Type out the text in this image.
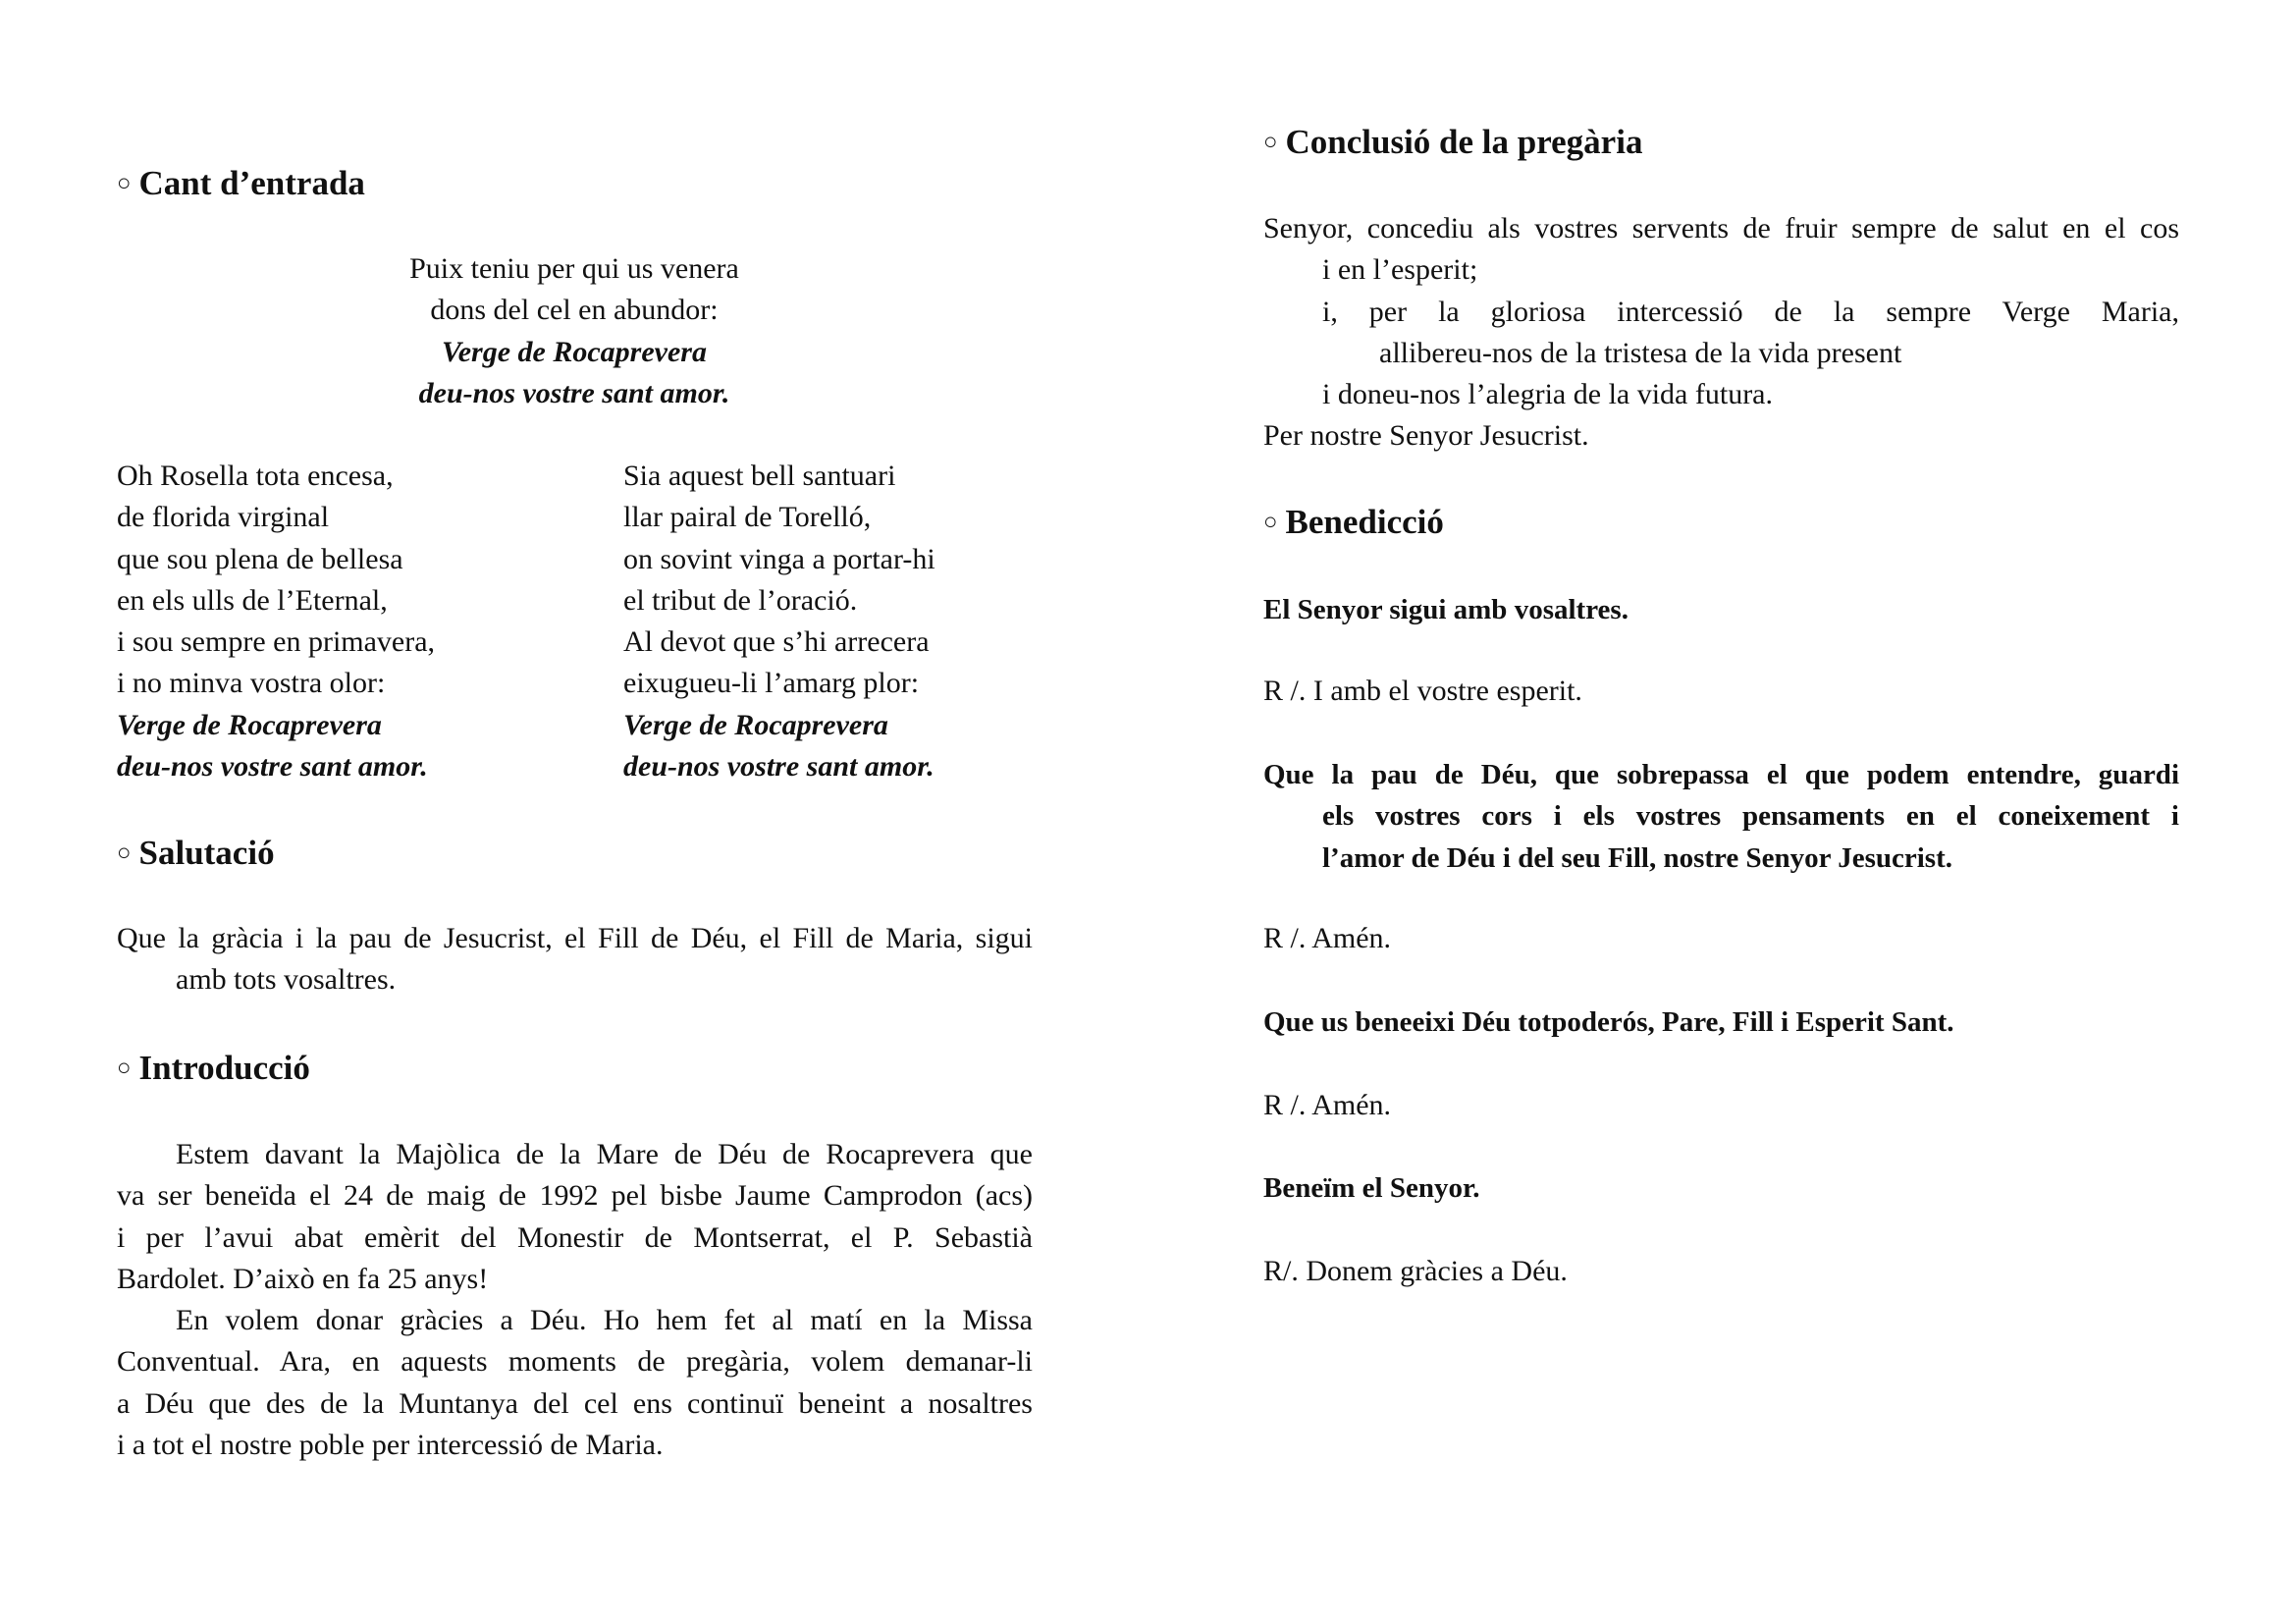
○ Cant d’entrada
Puix teniu per qui us venera
dons del cel en abundor:
Verge de Rocaprevera
deu-nos vostre sant amor.
Oh Rosella tota encesa,
de florida virginal
que sou plena de bellesa
en els ulls de l’Eternal,
i sou sempre en primavera,
i no minva vostra olor:
Verge de Rocaprevera
deu-nos vostre sant amor.
Sia aquest bell santuari
llar pairal de Torelló,
on sovint vinga a portar-hi
el tribut de l’oració.
Al devot que s’hi arrecera
eixugueu-li l’amarg plor:
Verge de Rocaprevera
deu-nos vostre sant amor.
○ Salutació
Que la gràcia i la pau de Jesucrist, el Fill de Déu, el Fill de Maria, sigui
amb tots vosaltres.
○ Introducció
Estem davant la Majòlica de la Mare de Déu de Rocaprevera que
va ser beneïda el 24 de maig de 1992 pel bisbe Jaume Camprodon (acs)
i per l’avui abat emèrit del Monestir de Montserrat, el P. Sebastià
Bardolet. D’això en fa 25 anys!
En volem donar gràcies a Déu. Ho hem fet al matí en la Missa
Conventual. Ara, en aquests moments de pregària, volem demanar-li
a Déu que des de la Muntanya del cel ens continuï beneint a nosaltres
i a tot el nostre poble per intercessió de Maria.
○ Conclusió de la pregària
Senyor, concediu als vostres servents de fruir sempre de salut en el cos
i en l’esperit;
i, per la gloriosa intercessió de la sempre Verge Maria,
allibereu-nos de la tristesa de la vida present
i doneu-nos l’alegria de la vida futura.
Per nostre Senyor Jesucrist.
○ Benedicció
El Senyor sigui amb vosaltres.
R /. I amb el vostre esperit.
Que la pau de Déu, que sobrepassa el que podem entendre, guardi
els vostres cors i els vostres pensaments en el coneixement i
l’amor de Déu i del seu Fill, nostre Senyor Jesucrist.
R /. Amén.
Que us beneeixi Déu totpoderós, Pare, Fill i Esperit Sant.
R /. Amén.
Beneïm el Senyor.
R/. Donem gràcies a Déu.
